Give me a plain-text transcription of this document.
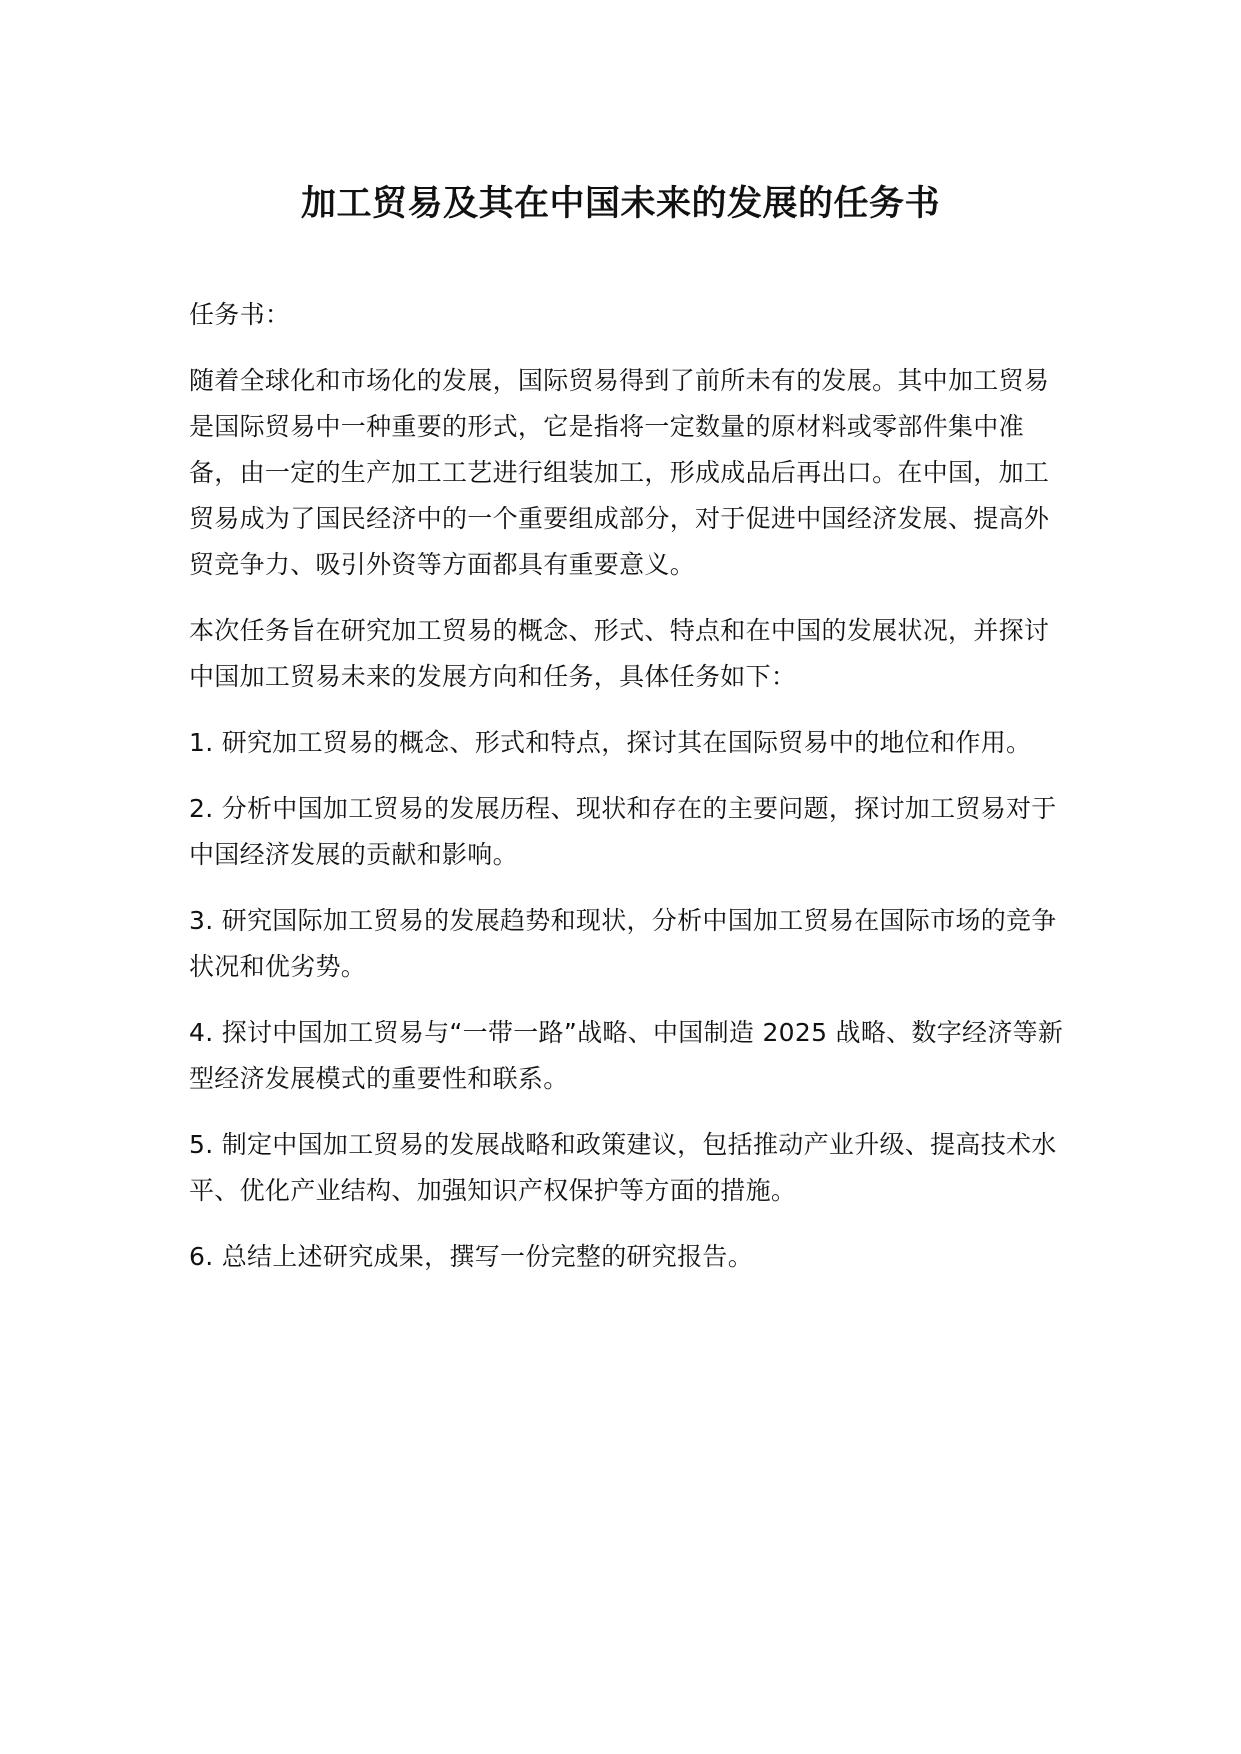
加工贸易及其在中国未来的发展的任务书

任务书：

随着全球化和市场化的发展，国际贸易得到了前所未有的发展。其中加工贸易是国际贸易中一种重要的形式，它是指将一定数量的原材料或零部件集中准备，由一定的生产加工工艺进行组装加工，形成成品后再出口。在中国，加工贸易成为了国民经济中的一个重要组成部分，对于促进中国经济发展、提高外贸竞争力、吸引外资等方面都具有重要意义。

本次任务旨在研究加工贸易的概念、形式、特点和在中国的发展状况，并探讨中国加工贸易未来的发展方向和任务，具体任务如下：

1. 研究加工贸易的概念、形式和特点，探讨其在国际贸易中的地位和作用。
2. 分析中国加工贸易的发展历程、现状和存在的主要问题，探讨加工贸易对于中国经济发展的贡献和影响。
3. 研究国际加工贸易的发展趋势和现状，分析中国加工贸易在国际市场的竞争状况和优劣势。
4. 探讨中国加工贸易与“一带一路”战略、中国制造 2025 战略、数字经济等新型经济发展模式的重要性和联系。
5. 制定中国加工贸易的发展战略和政策建议，包括推动产业升级、提高技术水平、优化产业结构、加强知识产权保护等方面的措施。
6. 总结上述研究成果，撰写一份完整的研究报告。
